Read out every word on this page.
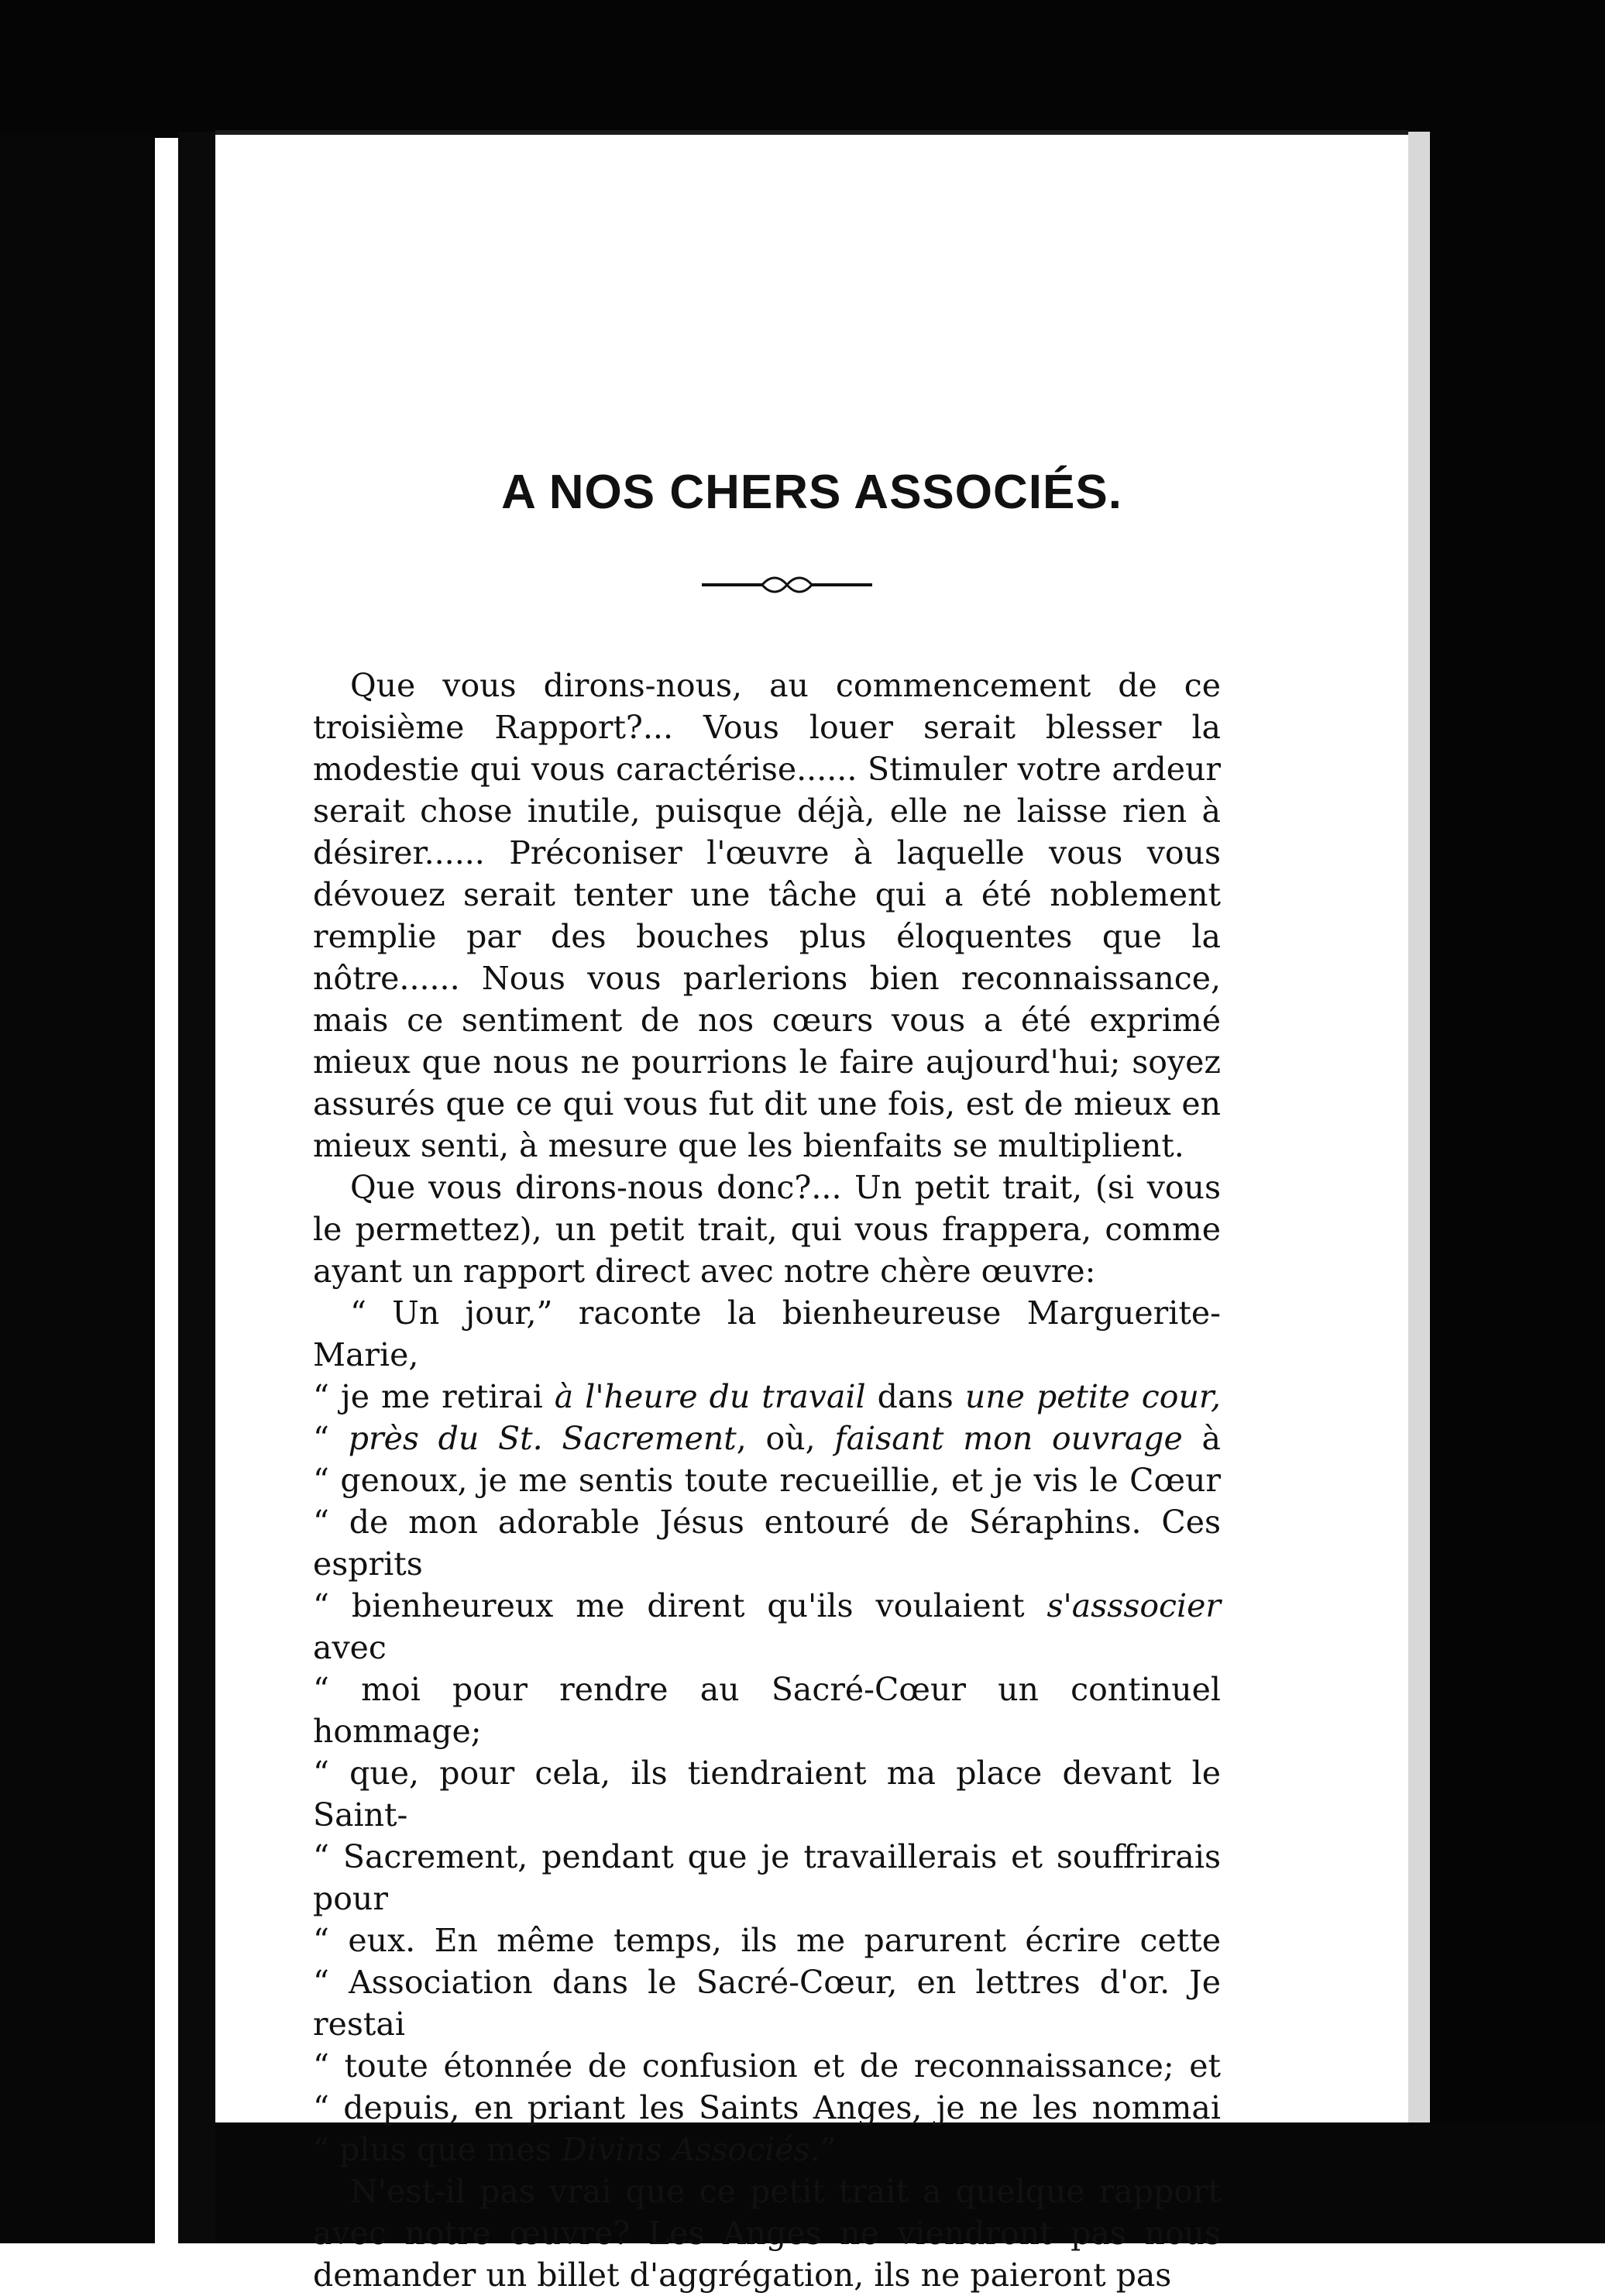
A NOS CHERS ASSOCIÉS.

Que vous dirons-nous, au commencement de ce troisième Rapport?... Vous louer serait blesser la modestie qui vous caractérise...... Stimuler votre ardeur serait chose inutile, puisque déjà, elle ne laisse rien à désirer...... Préconiser l'œuvre à laquelle vous vous dévouez serait tenter une tâche qui a été noblement remplie par des bouches plus éloquentes que la nôtre...... Nous vous parlerions bien reconnaissance, mais ce sentiment de nos cœurs vous a été exprimé mieux que nous ne pourrions le faire aujourd'hui; soyez assurés que ce qui vous fut dit une fois, est de mieux en mieux senti, à mesure que les bienfaits se multiplient.

Que vous dirons-nous donc?... Un petit trait, (si vous le permettez), un petit trait, qui vous frappera, comme ayant un rapport direct avec notre chère œuvre:

“ Un jour,” raconte la bienheureuse Marguerite-Marie,
“ je me retirai à l'heure du travail dans une petite cour,
“ près du St. Sacrement, où, faisant mon ouvrage à
“ genoux, je me sentis toute recueillie, et je vis le Cœur
“ de mon adorable Jésus entouré de Séraphins. Ces esprits
“ bienheureux me dirent qu'ils voulaient s'asssocier avec
“ moi pour rendre au Sacré-Cœur un continuel hommage;
“ que, pour cela, ils tiendraient ma place devant le Saint-
“ Sacrement, pendant que je travaillerais et souffrirais pour
“ eux. En même temps, ils me parurent écrire cette
“ Association dans le Sacré-Cœur, en lettres d'or. Je restai
“ toute étonnée de confusion et de reconnaissance; et
“ depuis, en priant les Saints Anges, je ne les nommai
“ plus que mes Divins Associés.”

N'est-il pas vrai que ce petit trait a quelque rapport avec notre œuvre? Les Anges ne viendront pas nous demander un billet d'aggrégation, ils ne paieront pas
